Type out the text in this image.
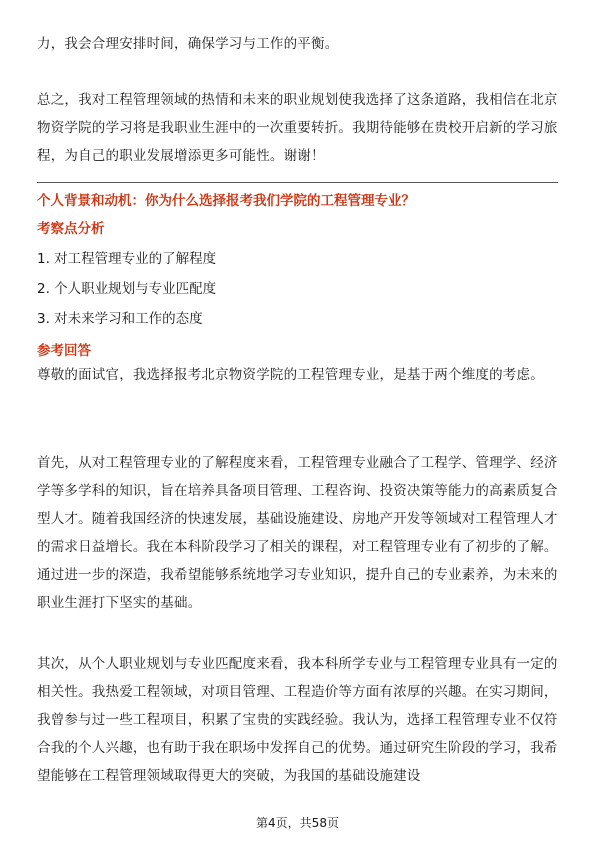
力，我会合理安排时间，确保学习与工作的平衡。

总之，我对工程管理领域的热情和未来的职业规划使我选择了这条道路，我相信在北京物资学院的学习将是我职业生涯中的一次重要转折。我期待能够在贵校开启新的学习旅程，为自己的职业发展增添更多可能性。谢谢！

个人背景和动机：你为什么选择报考我们学院的工程管理专业？

考察点分析

1. 对工程管理专业的了解程度
2. 个人职业规划与专业匹配度
3. 对未来学习和工作的态度

参考回答

尊敬的面试官，我选择报考北京物资学院的工程管理专业，是基于两个维度的考虑。

首先，从对工程管理专业的了解程度来看，工程管理专业融合了工程学、管理学、经济学等多学科的知识，旨在培养具备项目管理、工程咨询、投资决策等能力的高素质复合型人才。随着我国经济的快速发展，基础设施建设、房地产开发等领域对工程管理人才的需求日益增长。我在本科阶段学习了相关的课程，对工程管理专业有了初步的了解。通过进一步的深造，我希望能够系统地学习专业知识，提升自己的专业素养，为未来的职业生涯打下坚实的基础。

其次，从个人职业规划与专业匹配度来看，我本科所学专业与工程管理专业具有一定的相关性。我热爱工程领域，对项目管理、工程造价等方面有浓厚的兴趣。在实习期间，我曾参与过一些工程项目，积累了宝贵的实践经验。我认为，选择工程管理专业不仅符合我的个人兴趣，也有助于我在职场中发挥自己的优势。通过研究生阶段的学习，我希望能够在工程管理领域取得更大的突破，为我国的基础设施建设

第4页，共58页
